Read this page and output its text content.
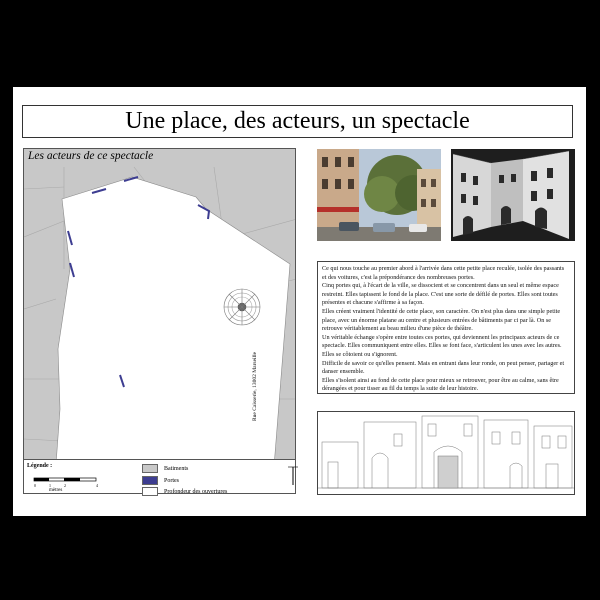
Une place, des acteurs, un spectacle
Les acteurs de ce spectacle
Rue Caisserie, 13002 Marseille
Légende :
0	1	2	4
mètres
Batiments
Portes
Profondeur des ouvertures

Ce qui nous touche au premier abord à l'arrivée dans cette petite place reculée, isolée des passants et des voitures, c'est la prépondérance des nombreuses portes.

Cinq portes qui, à l'écart de la ville, se dissocient et se concentrent dans un seul et même espace restreint. Elles tapissent le fond de la place. C'est une sorte de défilé de portes. Elles sont toutes présentes et chacune s'affirme à sa façon.

Elles créent vraiment l'identité de cette place, son caractère. On n'est plus dans une simple petite place, avec un énorme platane au centre et plusieurs entrées de bâtiments par ci par là. On se retrouve véritablement au beau milieu d'une pièce de théâtre.

Un véritable échange s'opère entre toutes ces portes, qui deviennent les principaux acteurs de ce spectacle. Elles communiquent entre elles. Elles se font face, s'articulent les unes avec les autres. Elles se côtoient ou s'ignorent.

Difficile de savoir ce qu'elles pensent. Mais en entrant dans leur ronde, on peut penser, partager et danser ensemble.

Elles s'isolent ainsi au fond de cette place pour mieux se retrouver, pour être au calme, sans être dérangées et pour tisser au fil du temps la suite de leur histoire.
